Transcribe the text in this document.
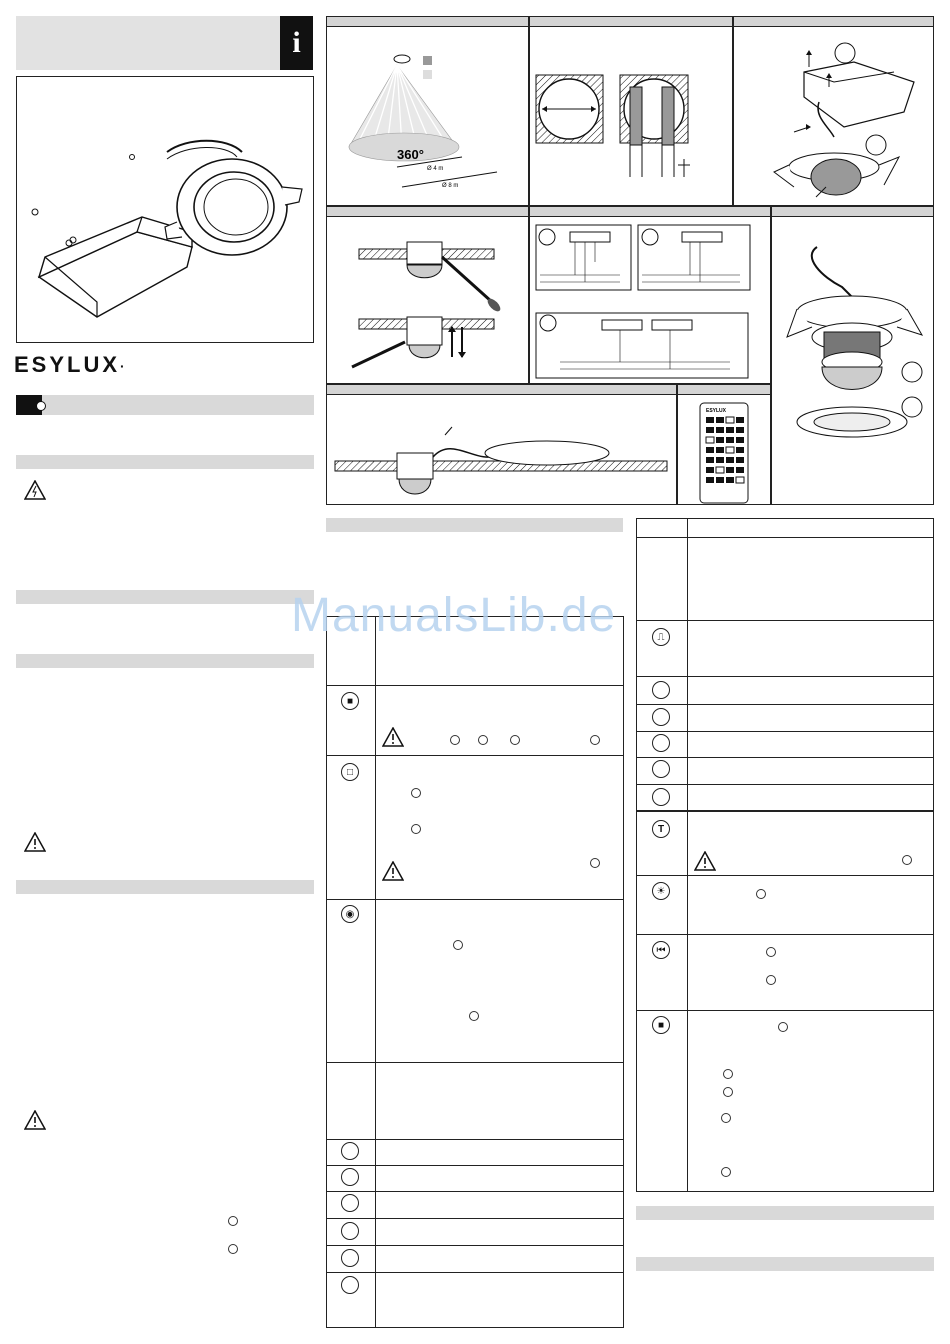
i
ESYLUX·
360°
Ø 4 m
Ø 8 m
ESYLUX
■
□
◉
⎍
T
☀
⏮
■
ManualsLib.de
